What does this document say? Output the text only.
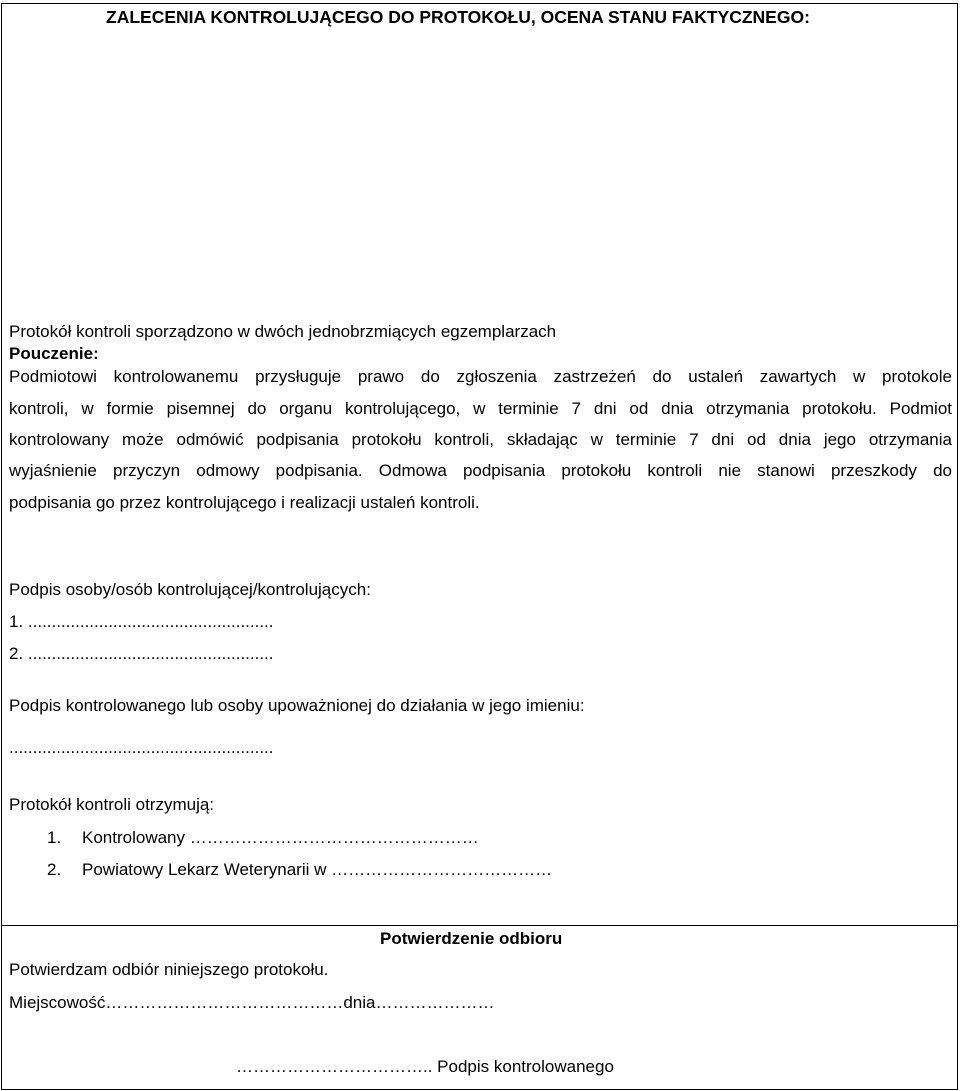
ZALECENIA KONTROLUJĄCEGO DO PROTOKOŁU, OCENA STANU FAKTYCZNEGO:
Protokół kontroli sporządzono w dwóch jednobrzmiących egzemplarzach
Pouczenie:
Podmiotowi kontrolowanemu przysługuje prawo do zgłoszenia zastrzeżeń do ustaleń zawartych w protokole
kontroli, w formie pisemnej do organu kontrolującego, w terminie 7 dni od dnia otrzymania protokołu. Podmiot
kontrolowany może odmówić podpisania protokołu kontroli, składając w terminie 7 dni od dnia jego otrzymania
wyjaśnienie przyczyn odmowy podpisania. Odmowa podpisania protokołu kontroli nie stanowi przeszkody do
podpisania go przez kontrolującego i realizacji ustaleń kontroli.
Podpis osoby/osób kontrolującej/kontrolujących:
1. ....................................................
2. ....................................................
Podpis kontrolowanego lub osoby upoważnionej do działania w jego imieniu:
........................................................
Protokół kontroli otrzymują:
1. Kontrolowany ……………………………………………
2. Powiatowy Lekarz Weterynarii w …………………………………
Potwierdzenie odbioru
Potwierdzam odbiór niniejszego protokołu.
Miejscowość……………………………………dnia…………………
…………………………….. Podpis kontrolowanego
